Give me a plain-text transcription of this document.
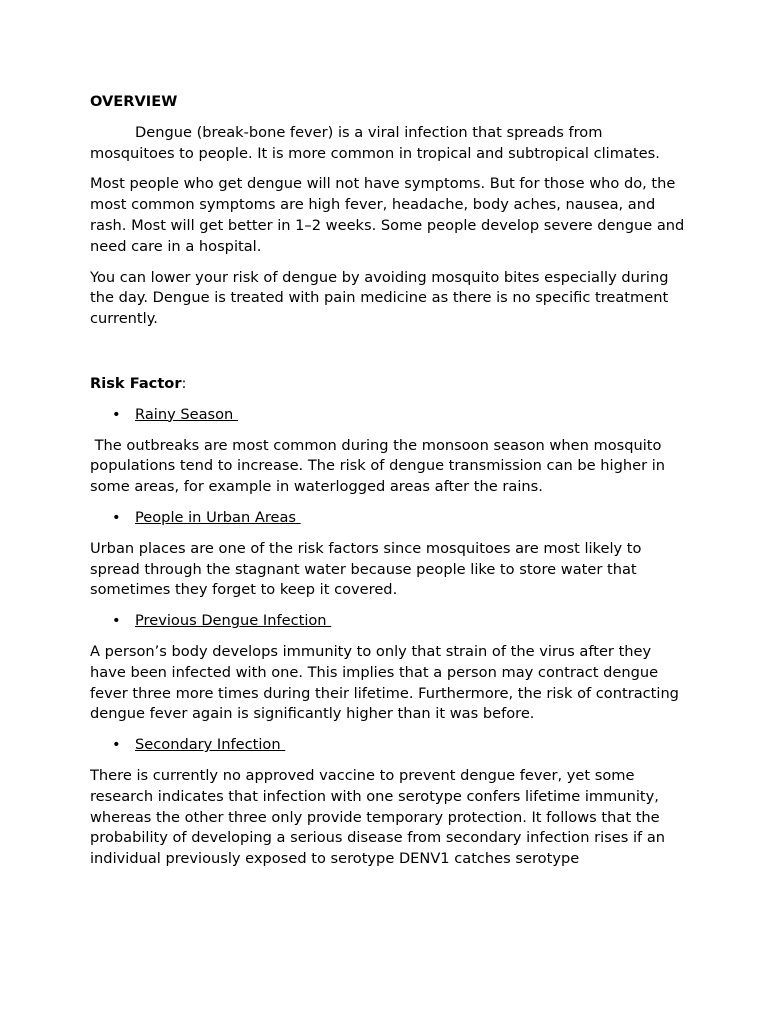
OVERVIEW

Dengue (break-bone fever) is a viral infection that spreads from mosquitoes to people. It is more common in tropical and subtropical climates.

Most people who get dengue will not have symptoms. But for those who do, the most common symptoms are high fever, headache, body aches, nausea, and rash. Most will get better in 1–2 weeks. Some people develop severe dengue and need care in a hospital.

You can lower your risk of dengue by avoiding mosquito bites especially during the day. Dengue is treated with pain medicine as there is no specific treatment currently.

Risk Factor:

• Rainy Season

The outbreaks are most common during the monsoon season when mosquito populations tend to increase. The risk of dengue transmission can be higher in some areas, for example in waterlogged areas after the rains.

• People in Urban Areas

Urban places are one of the risk factors since mosquitoes are most likely to spread through the stagnant water because people like to store water that sometimes they forget to keep it covered.

• Previous Dengue Infection

A person’s body develops immunity to only that strain of the virus after they have been infected with one. This implies that a person may contract dengue fever three more times during their lifetime. Furthermore, the risk of contracting dengue fever again is significantly higher than it was before.

• Secondary Infection

There is currently no approved vaccine to prevent dengue fever, yet some research indicates that infection with one serotype confers lifetime immunity, whereas the other three only provide temporary protection. It follows that the probability of developing a serious disease from secondary infection rises if an individual previously exposed to serotype DENV1 catches serotype
